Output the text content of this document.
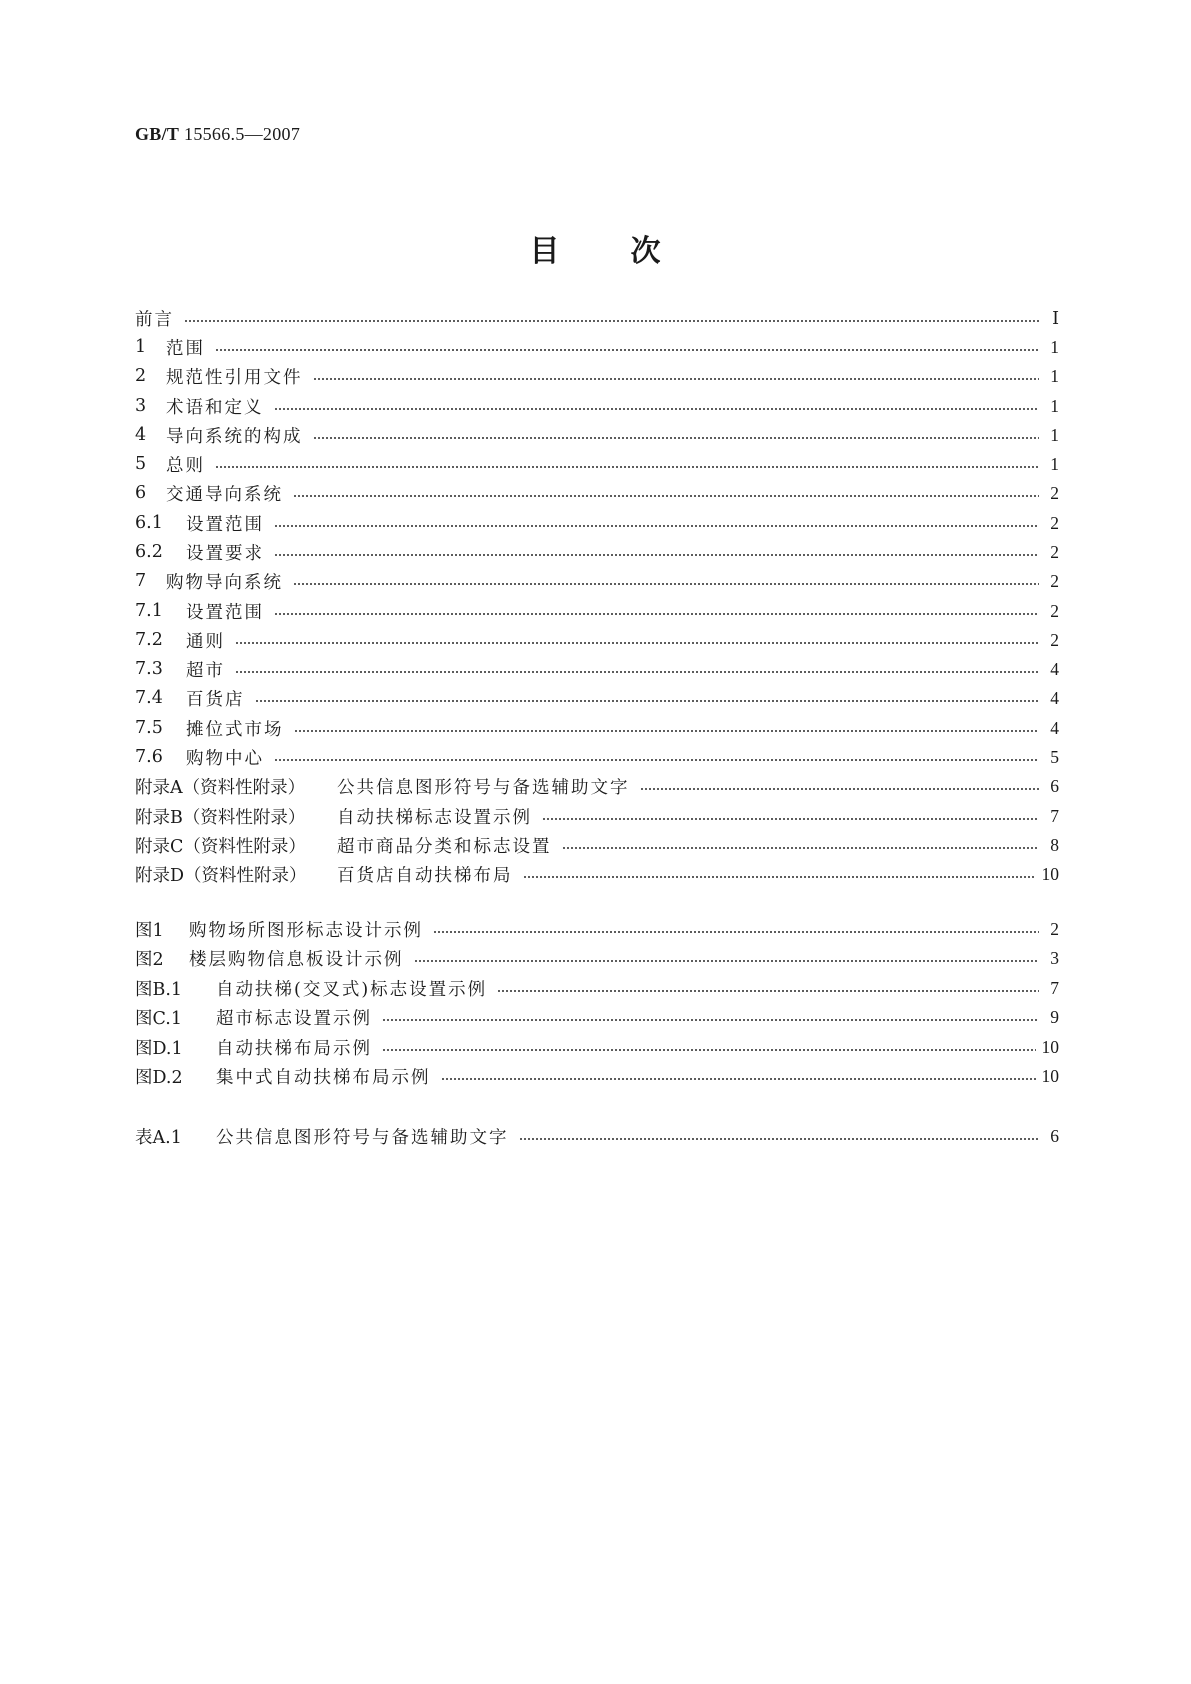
GB/T 15566.5—2007
目 次
前言	Ⅰ
1	范围	1
2	规范性引用文件	1
3	术语和定义	1
4	导向系统的构成	1
5	总则	1
6	交通导向系统	2
6.1	设置范围	2
6.2	设置要求	2
7	购物导向系统	2
7.1	设置范围	2
7.2	通则	2
7.3	超市	4
7.4	百货店	4
7.5	摊位式市场	4
7.6	购物中心	5
附录A（资料性附录）	公共信息图形符号与备选辅助文字	6
附录B（资料性附录）	自动扶梯标志设置示例	7
附录C（资料性附录）	超市商品分类和标志设置	8
附录D（资料性附录）	百货店自动扶梯布局	10
图1	购物场所图形标志设计示例	2
图2	楼层购物信息板设计示例	3
图B.1	自动扶梯(交叉式)标志设置示例	7
图C.1	超市标志设置示例	9
图D.1	自动扶梯布局示例	10
图D.2	集中式自动扶梯布局示例	10
表A.1	公共信息图形符号与备选辅助文字	6
